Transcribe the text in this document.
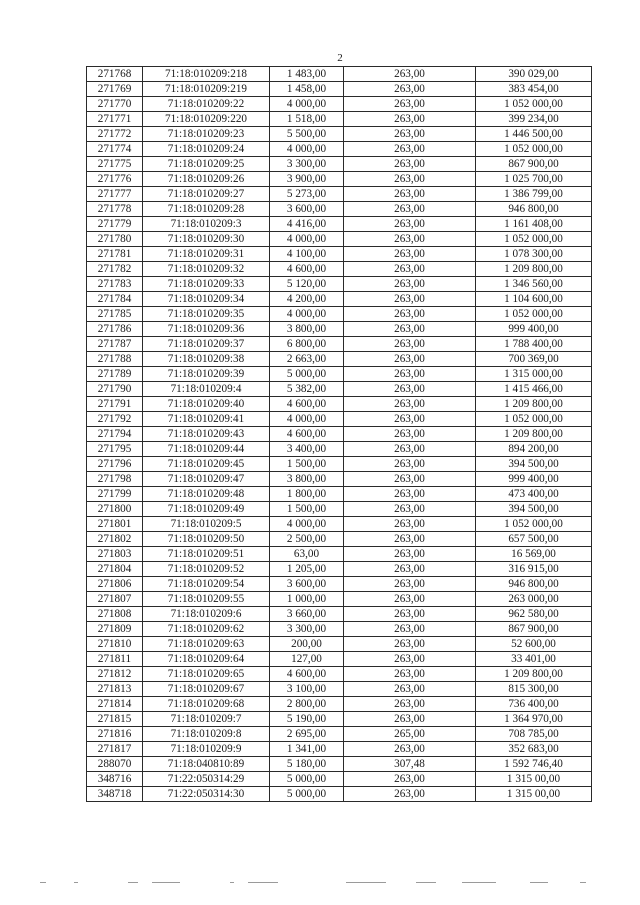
2
271768	71:18:010209:218	1 483,00	263,00	390 029,00
271769	71:18:010209:219	1 458,00	263,00	383 454,00
271770	71:18:010209:22	4 000,00	263,00	1 052 000,00
271771	71:18:010209:220	1 518,00	263,00	399 234,00
271772	71:18:010209:23	5 500,00	263,00	1 446 500,00
271774	71:18:010209:24	4 000,00	263,00	1 052 000,00
271775	71:18:010209:25	3 300,00	263,00	867 900,00
271776	71:18:010209:26	3 900,00	263,00	1 025 700,00
271777	71:18:010209:27	5 273,00	263,00	1 386 799,00
271778	71:18:010209:28	3 600,00	263,00	946 800,00
271779	71:18:010209:3	4 416,00	263,00	1 161 408,00
271780	71:18:010209:30	4 000,00	263,00	1 052 000,00
271781	71:18:010209:31	4 100,00	263,00	1 078 300,00
271782	71:18:010209:32	4 600,00	263,00	1 209 800,00
271783	71:18:010209:33	5 120,00	263,00	1 346 560,00
271784	71:18:010209:34	4 200,00	263,00	1 104 600,00
271785	71:18:010209:35	4 000,00	263,00	1 052 000,00
271786	71:18:010209:36	3 800,00	263,00	999 400,00
271787	71:18:010209:37	6 800,00	263,00	1 788 400,00
271788	71:18:010209:38	2 663,00	263,00	700 369,00
271789	71:18:010209:39	5 000,00	263,00	1 315 000,00
271790	71:18:010209:4	5 382,00	263,00	1 415 466,00
271791	71:18:010209:40	4 600,00	263,00	1 209 800,00
271792	71:18:010209:41	4 000,00	263,00	1 052 000,00
271794	71:18:010209:43	4 600,00	263,00	1 209 800,00
271795	71:18:010209:44	3 400,00	263,00	894 200,00
271796	71:18:010209:45	1 500,00	263,00	394 500,00
271798	71:18:010209:47	3 800,00	263,00	999 400,00
271799	71:18:010209:48	1 800,00	263,00	473 400,00
271800	71:18:010209:49	1 500,00	263,00	394 500,00
271801	71:18:010209:5	4 000,00	263,00	1 052 000,00
271802	71:18:010209:50	2 500,00	263,00	657 500,00
271803	71:18:010209:51	63,00	263,00	16 569,00
271804	71:18:010209:52	1 205,00	263,00	316 915,00
271806	71:18:010209:54	3 600,00	263,00	946 800,00
271807	71:18:010209:55	1 000,00	263,00	263 000,00
271808	71:18:010209:6	3 660,00	263,00	962 580,00
271809	71:18:010209:62	3 300,00	263,00	867 900,00
271810	71:18:010209:63	200,00	263,00	52 600,00
271811	71:18:010209:64	127,00	263,00	33 401,00
271812	71:18:010209:65	4 600,00	263,00	1 209 800,00
271813	71:18:010209:67	3 100,00	263,00	815 300,00
271814	71:18:010209:68	2 800,00	263,00	736 400,00
271815	71:18:010209:7	5 190,00	263,00	1 364 970,00
271816	71:18:010209:8	2 695,00	265,00	708 785,00
271817	71:18:010209:9	1 341,00	263,00	352 683,00
288070	71:18:040810:89	5 180,00	307,48	1 592 746,40
348716	71:22:050314:29	5 000,00	263,00	1 315 00,00
348718	71:22:050314:30	5 000,00	263,00	1 315 00,00
